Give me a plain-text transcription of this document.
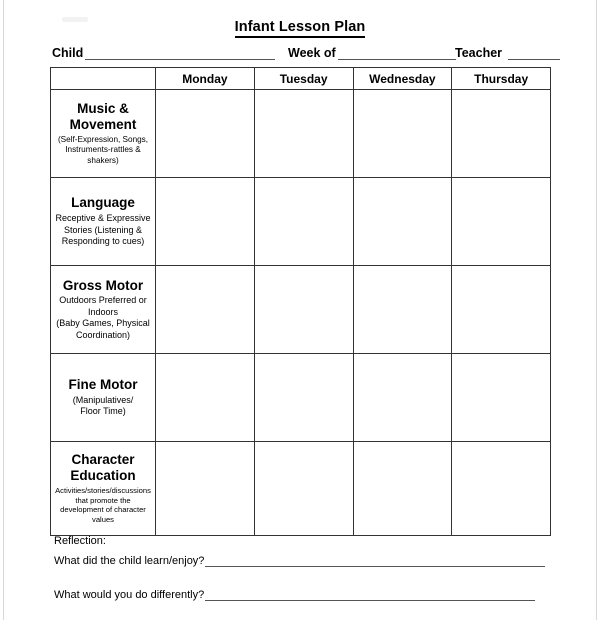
Infant Lesson Plan
Child	Week of	Teacher
	Monday	Tuesday	Wednesday	Thursday

Music &
Movement
(Self-Expression, Songs,
Instruments-rattles &
shakers)				

Language
Receptive & Expressive
Stories (Listening &
Responding to cues)				

Gross Motor
Outdoors Preferred or
Indoors
(Baby Games, Physical
Coordination)				

Fine Motor
(Manipulatives/
Floor Time)				

Character
Education
Activities/stories/discussions
that promote the
development of character
values

Reflection:
What did the child learn/enjoy?
What would you do differently?
